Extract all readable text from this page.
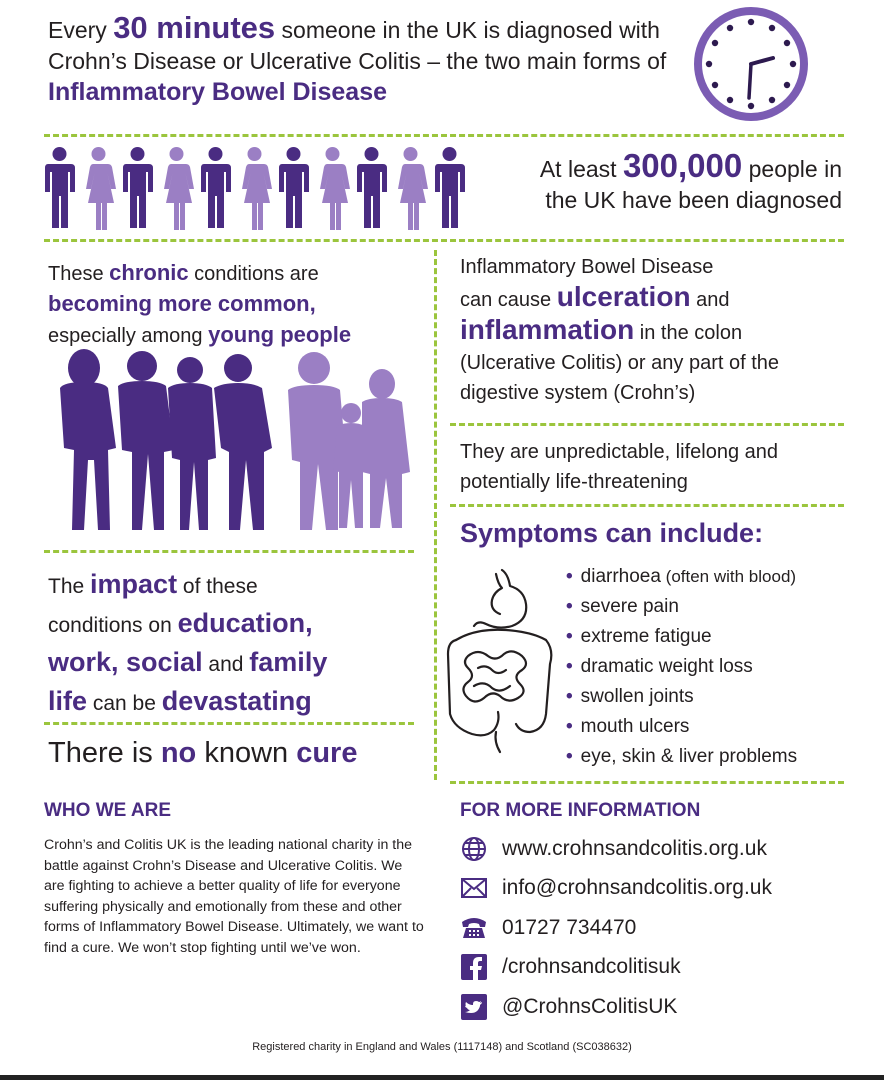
Every 30 minutes someone in the UK is diagnosed with Crohn’s Disease or Ulcerative Colitis – the two main forms of Inflammatory Bowel Disease
At least 300,000 people in
the UK have been diagnosed
These chronic conditions are
becoming more common,
especially among young people
Inflammatory Bowel Disease
can cause ulceration and
inflammation in the colon
(Ulcerative Colitis) or any part of the
digestive system (Crohn’s)
They are unpredictable, lifelong and potentially life-threatening
Symptoms can include:
• diarrhoea (often with blood)
• severe pain
• extreme fatigue
• dramatic weight loss
• swollen joints
• mouth ulcers
• eye, skin & liver problems
The impact of these
conditions on education,
work, social and family
life can be devastating
There is no known cure
WHO WE ARE
Crohn’s and Colitis UK is the leading national charity in the battle against Crohn’s Disease and Ulcerative Colitis. We are fighting to achieve a better quality of life for everyone suffering physically and emotionally from these and other forms of Inflammatory Bowel Disease. Ultimately, we want to find a cure. We won’t stop fighting until we’ve won.
FOR MORE INFORMATION
www.crohnsandcolitis.org.uk
info@crohnsandcolitis.org.uk
01727 734470
/crohnsandcolitisuk
@CrohnsColitisUK
Registered charity in England and Wales (1117148) and Scotland (SC038632)
